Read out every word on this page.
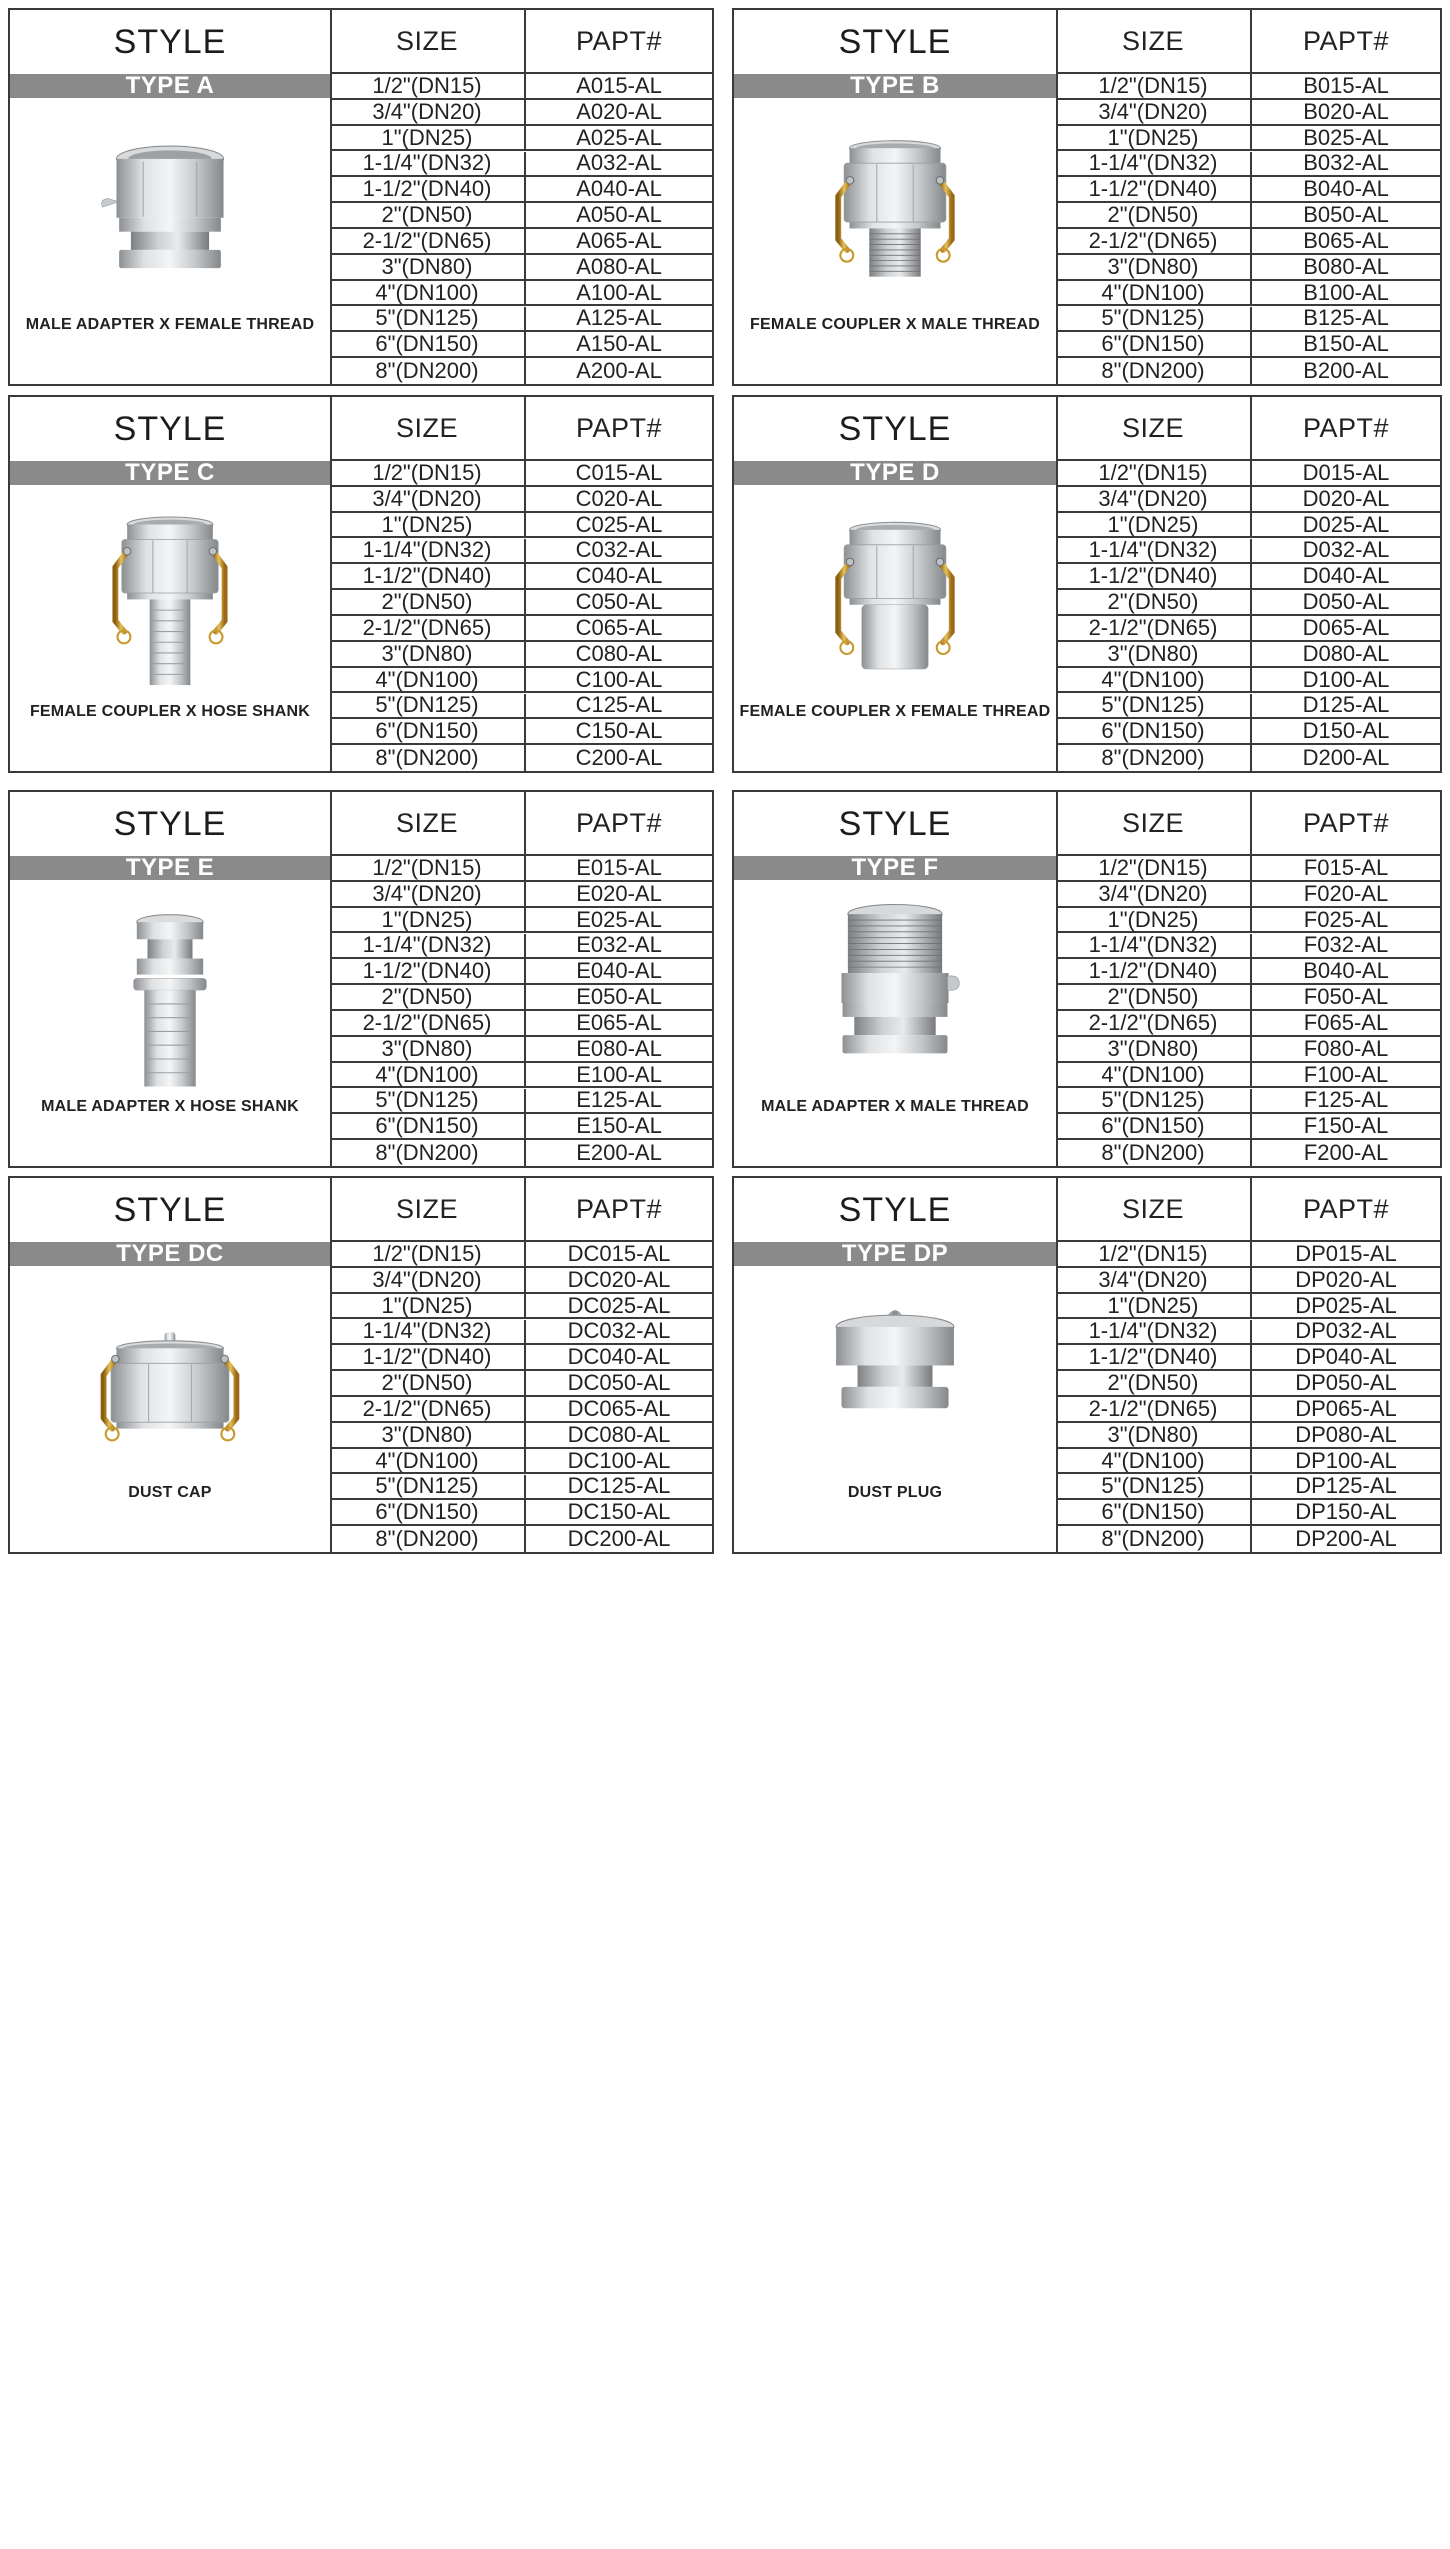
STYLE
TYPE A
MALE ADAPTER X FEMALE THREAD
SIZE	PAPT#
1/2"(DN15)	A015-AL
3/4"(DN20)	A020-AL
1"(DN25)	A025-AL
1-1/4"(DN32)	A032-AL
1-1/2"(DN40)	A040-AL
2"(DN50)	A050-AL
2-1/2"(DN65)	A065-AL
3"(DN80)	A080-AL
4"(DN100)	A100-AL
5"(DN125)	A125-AL
6"(DN150)	A150-AL
8"(DN200)	A200-AL
STYLE
TYPE B
FEMALE COUPLER X MALE THREAD
SIZE	PAPT#
1/2"(DN15)	B015-AL
3/4"(DN20)	B020-AL
1"(DN25)	B025-AL
1-1/4"(DN32)	B032-AL
1-1/2"(DN40)	B040-AL
2"(DN50)	B050-AL
2-1/2"(DN65)	B065-AL
3"(DN80)	B080-AL
4"(DN100)	B100-AL
5"(DN125)	B125-AL
6"(DN150)	B150-AL
8"(DN200)	B200-AL
STYLE
TYPE C
FEMALE COUPLER X HOSE SHANK
SIZE	PAPT#
1/2"(DN15)	C015-AL
3/4"(DN20)	C020-AL
1"(DN25)	C025-AL
1-1/4"(DN32)	C032-AL
1-1/2"(DN40)	C040-AL
2"(DN50)	C050-AL
2-1/2"(DN65)	C065-AL
3"(DN80)	C080-AL
4"(DN100)	C100-AL
5"(DN125)	C125-AL
6"(DN150)	C150-AL
8"(DN200)	C200-AL
STYLE
TYPE D
FEMALE COUPLER X FEMALE THREAD
SIZE	PAPT#
1/2"(DN15)	D015-AL
3/4"(DN20)	D020-AL
1"(DN25)	D025-AL
1-1/4"(DN32)	D032-AL
1-1/2"(DN40)	D040-AL
2"(DN50)	D050-AL
2-1/2"(DN65)	D065-AL
3"(DN80)	D080-AL
4"(DN100)	D100-AL
5"(DN125)	D125-AL
6"(DN150)	D150-AL
8"(DN200)	D200-AL
STYLE
TYPE E
MALE ADAPTER X HOSE SHANK
SIZE	PAPT#
1/2"(DN15)	E015-AL
3/4"(DN20)	E020-AL
1"(DN25)	E025-AL
1-1/4"(DN32)	E032-AL
1-1/2"(DN40)	E040-AL
2"(DN50)	E050-AL
2-1/2"(DN65)	E065-AL
3"(DN80)	E080-AL
4"(DN100)	E100-AL
5"(DN125)	E125-AL
6"(DN150)	E150-AL
8"(DN200)	E200-AL
STYLE
TYPE F
MALE ADAPTER X MALE THREAD
SIZE	PAPT#
1/2"(DN15)	F015-AL
3/4"(DN20)	F020-AL
1"(DN25)	F025-AL
1-1/4"(DN32)	F032-AL
1-1/2"(DN40)	B040-AL
2"(DN50)	F050-AL
2-1/2"(DN65)	F065-AL
3"(DN80)	F080-AL
4"(DN100)	F100-AL
5"(DN125)	F125-AL
6"(DN150)	F150-AL
8"(DN200)	F200-AL
STYLE
TYPE DC
DUST CAP
SIZE	PAPT#
1/2"(DN15)	DC015-AL
3/4"(DN20)	DC020-AL
1"(DN25)	DC025-AL
1-1/4"(DN32)	DC032-AL
1-1/2"(DN40)	DC040-AL
2"(DN50)	DC050-AL
2-1/2"(DN65)	DC065-AL
3"(DN80)	DC080-AL
4"(DN100)	DC100-AL
5"(DN125)	DC125-AL
6"(DN150)	DC150-AL
8"(DN200)	DC200-AL
STYLE
TYPE DP
DUST PLUG
SIZE	PAPT#
1/2"(DN15)	DP015-AL
3/4"(DN20)	DP020-AL
1"(DN25)	DP025-AL
1-1/4"(DN32)	DP032-AL
1-1/2"(DN40)	DP040-AL
2"(DN50)	DP050-AL
2-1/2"(DN65)	DP065-AL
3"(DN80)	DP080-AL
4"(DN100)	DP100-AL
5"(DN125)	DP125-AL
6"(DN150)	DP150-AL
8"(DN200)	DP200-AL
